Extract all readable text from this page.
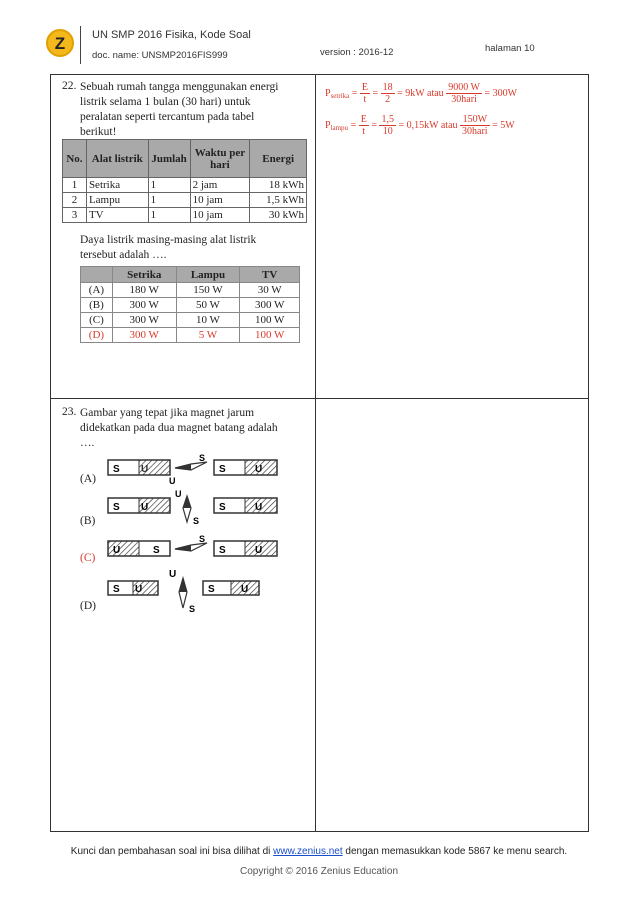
Z	UN SMP 2016 Fisika, Kode Soal
doc. name: UNSMP2016FIS999	version : 2016-12	halaman 10
22. Sebuah rumah tangga menggunakan energi
listrik selama 1 bulan (30 hari) untuk
peralatan seperti tercantum pada tabel
berikut!
No.	Alat listrik	Jumlah	Waktu per hari	Energi
1	Setrika	1	2 jam	18 kWh
2	Lampu	1	10 jam	1,5 kWh
3	TV	1	10 jam	30 kWh
Daya listrik masing-masing alat listrik
tersebut adalah ….
	Setrika	Lampu	TV
(A)	180 W	150 W	30 W
(B)	300 W	50 W	300 W
(C)	300 W	10 W	100 W
(D)	300 W	5 W	100 W
$P_{setrika} = \frac{E}{t} = \frac{18}{2} = 9kW$ atau $\frac{9000 W}{\text{30hari}} = 300W$
$P_{lampu} = \frac{E}{t} = \frac{1,5}{10} = 0,15kW$ atau $\frac{150W}{\text{30hari}} = 5W$
23. Gambar yang tepat jika magnet jarum
didekatkan pada dua magnet batang adalah
….
(A)
(B)
(C)
(D)
S U
S
U
S	U
S U
U
S
S	U
U	S
S
S	U
S U
U
S
S	U
Kunci dan pembahasan soal ini bisa dilihat di www.zenius.net dengan memasukkan kode 5867 ke menu search.
Copyright © 2016 Zenius Education
